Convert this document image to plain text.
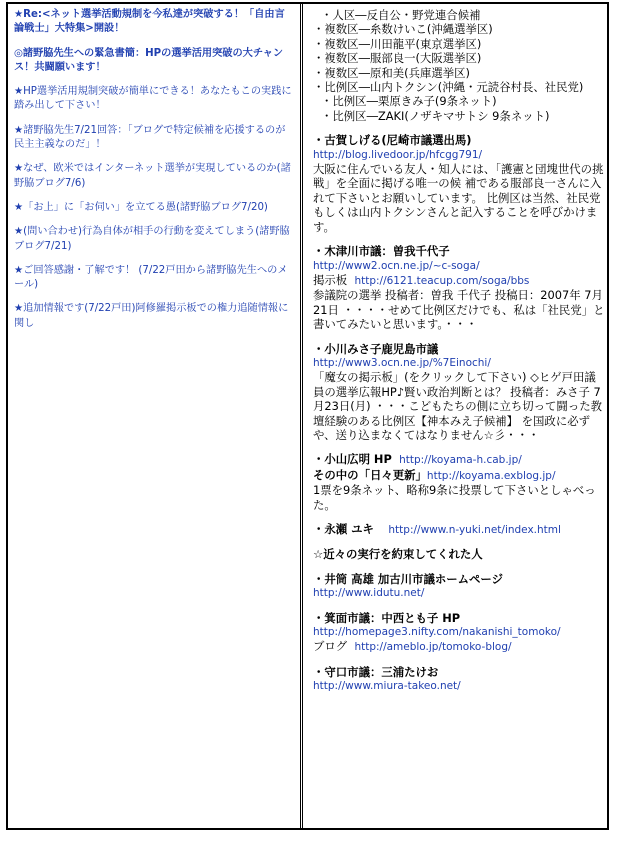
★Re:<ネット選挙活動規制を今私達が突破する！「自由言論戦士」大特集>開設！
◎諸野脇先生への緊急書簡：HPの選挙活用突破の大チャンス！共闘願います！
★HP選挙活用規制突破が簡単にできる！あなたもこの実践に踏み出して下さい！
★諸野脇先生7/21回答：「ブログで特定候補を応援するのが民主主義なのだ」！
★なぜ、欧米ではインターネット選挙が実現しているのか(諸野脇ブログ7/6)
★「お上」に「お伺い」を立てる愚(諸野脇ブログ7/20)
★(問い合わせ)行為自体が相手の行動を変えてしまう(諸野脇ブログ7/21)
★ご回答感謝・了解です！ (7/22戸田から諸野脇先生へのメール)
★追加情報です(7/22戸田)阿修羅掲示板での権力追随情報に関し

・人区―反自公・野党連合候補

・複数区―糸数けいこ(沖縄選挙区)

・複数区―川田龍平(東京選挙区)

・複数区―服部良一(大阪選挙区)

・複数区―原和美(兵庫選挙区)

・比例区―山内トクシン(沖縄・元読谷村長、社民党)

・比例区―栗原きみ子(9条ネット)

・比例区―ZAKI(ノザキマサトシ 9条ネット)

・古賀しげる(尼崎市議選出馬)

http://blog.livedoor.jp/hfcgg791/

大阪に住んでいる友人・知人には、「護憲と団塊世代の挑戦」を全面に掲げる唯一の候 補である服部良一さんに入れて下さいとお願いしています。 比例区は当然、社民党もしくは山内トクシンさんと記入することを呼びかけます。

・木津川市議：曽我千代子

http://www2.ocn.ne.jp/~c-soga/

掲示板 http://6121.teacup.com/soga/bbs

参議院の選挙 投稿者：曽我 千代子 投稿日：2007年 7月21日 ・・・・せめて比例区だけでも、私は「社民党」と書いてみたいと思います。・・・

・小川みさ子鹿児島市議

http://www3.ocn.ne.jp/%7Einochi/

「魔女の掲示板」(をクリックして下さい) ◇ヒゲ戸田議員の選挙広報HP♪賢い政治判断とは？ 投稿者：みさ子 7月23日(月) ・・・こどもたちの側に立ち切って闘った教壇経験のある比例区【神本みえ子候補】 を国政に必ずや、送り込まなくてはなりません☆彡・・・

・小山広明 HP http://koyama-h.cab.jp/

その中の「日々更新」http://koyama.exblog.jp/

1票を9条ネット、略称9条に投票して下さいとしゃべった。

・永瀬 ユキ http://www.n-yuki.net/index.html

☆近々の実行を約束してくれた人

・井筒 高雄 加古川市議ホームページ

http://www.idutu.net/

・箕面市議：中西とも子 HP

http://homepage3.nifty.com/nakanishi_tomoko/

ブログ http://ameblo.jp/tomoko-blog/

・守口市議：三浦たけお

http://www.miura-takeo.net/
